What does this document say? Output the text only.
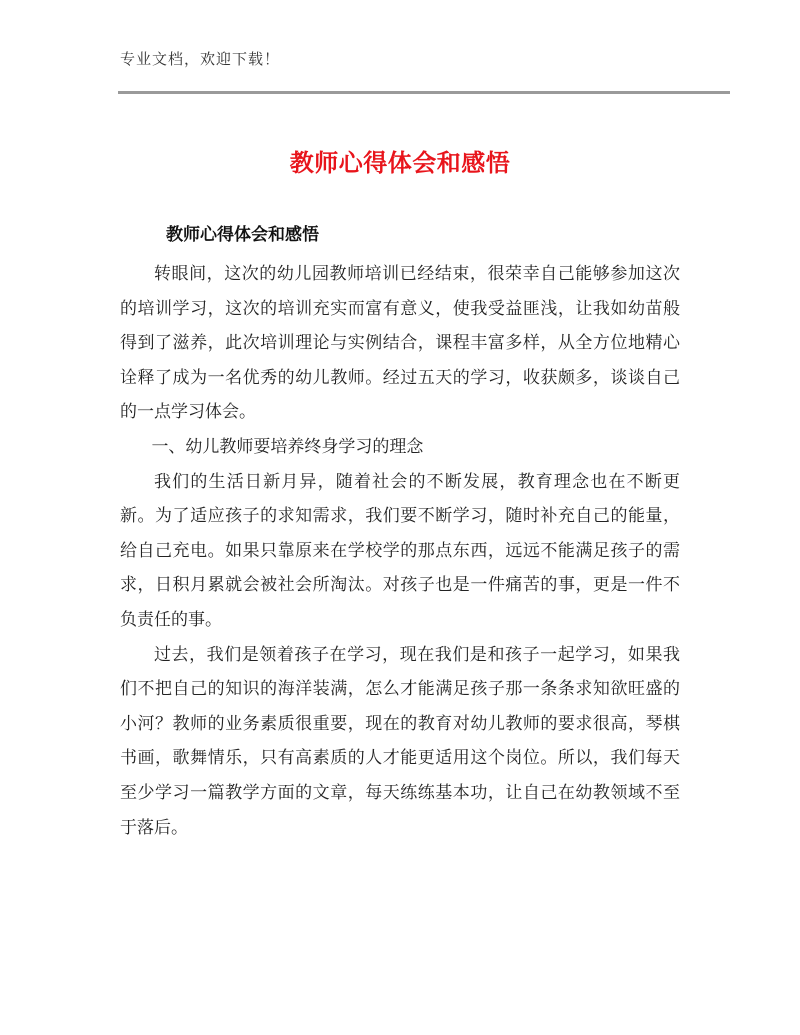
专业文档，欢迎下载！
教师心得体会和感悟
教师心得体会和感悟

转眼间，这次的幼儿园教师培训已经结束，很荣幸自己能够参加这次的培训学习，这次的培训充实而富有意义，使我受益匪浅，让我如幼苗般得到了滋养，此次培训理论与实例结合，课程丰富多样，从全方位地精心诠释了成为一名优秀的幼儿教师。经过五天的学习，收获颇多，谈谈自己的一点学习体会。

一、幼儿教师要培养终身学习的理念

我们的生活日新月异，随着社会的不断发展，教育理念也在不断更新。为了适应孩子的求知需求，我们要不断学习，随时补充自己的能量，给自己充电。如果只靠原来在学校学的那点东西，远远不能满足孩子的需求，日积月累就会被社会所淘汰。对孩子也是一件痛苦的事，更是一件不负责任的事。

过去，我们是领着孩子在学习，现在我们是和孩子一起学习，如果我们不把自己的知识的海洋装满，怎么才能满足孩子那一条条求知欲旺盛的小河？教师的业务素质很重要，现在的教育对幼儿教师的要求很高，琴棋书画，歌舞情乐，只有高素质的人才能更适用这个岗位。所以，我们每天至少学习一篇教学方面的文章，每天练练基本功，让自己在幼教领域不至于落后。
